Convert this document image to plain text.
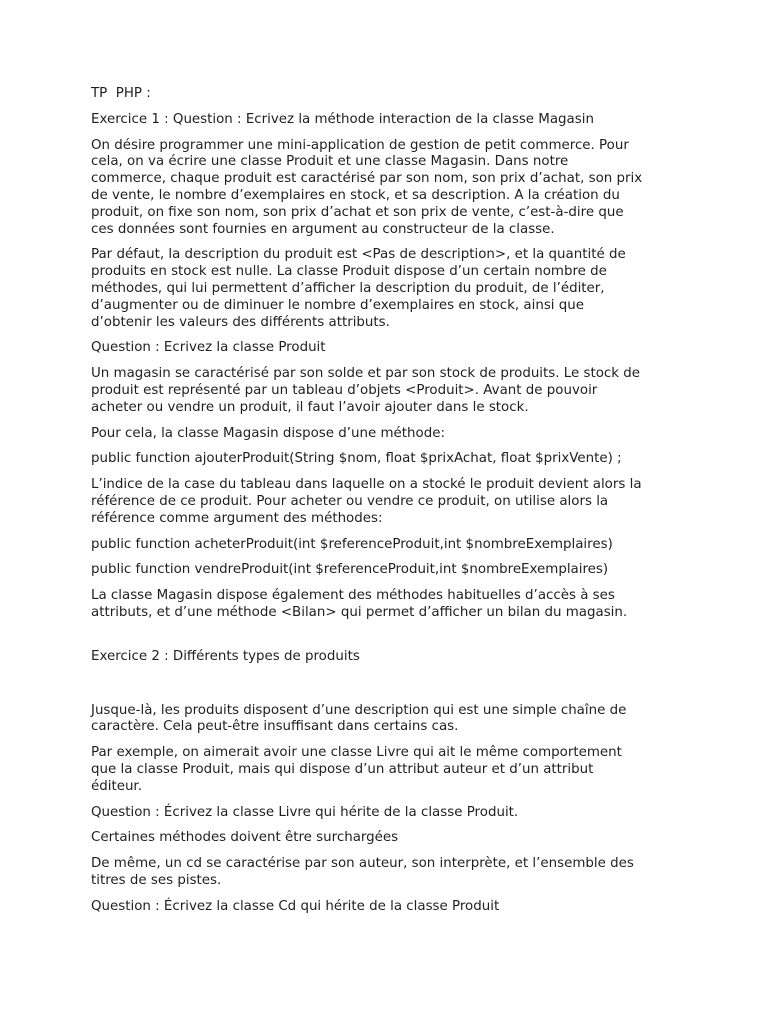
TP  PHP :

Exercice 1 : Question : Ecrivez la méthode interaction de la classe Magasin

On désire programmer une mini-application de gestion de petit commerce. Pour
cela, on va écrire une classe Produit et une classe Magasin. Dans notre
commerce, chaque produit est caractérisé par son nom, son prix d’achat, son prix
de vente, le nombre d’exemplaires en stock, et sa description. A la création du
produit, on fixe son nom, son prix d’achat et son prix de vente, c’est-à-dire que
ces données sont fournies en argument au constructeur de la classe.

Par défaut, la description du produit est <Pas de description>, et la quantité de
produits en stock est nulle. La classe Produit dispose d’un certain nombre de
méthodes, qui lui permettent d’afficher la description du produit, de l’éditer,
d’augmenter ou de diminuer le nombre d’exemplaires en stock, ainsi que
d’obtenir les valeurs des différents attributs.

Question : Ecrivez la classe Produit

Un magasin se caractérisé par son solde et par son stock de produits. Le stock de
produit est représenté par un tableau d’objets <Produit>. Avant de pouvoir
acheter ou vendre un produit, il faut l’avoir ajouter dans le stock.

Pour cela, la classe Magasin dispose d’une méthode:

public function ajouterProduit(String $nom, float $prixAchat, float $prixVente) ;

L’indice de la case du tableau dans laquelle on a stocké le produit devient alors la
référence de ce produit. Pour acheter ou vendre ce produit, on utilise alors la
référence comme argument des méthodes:

public function acheterProduit(int $referenceProduit,int $nombreExemplaires)

public function vendreProduit(int $referenceProduit,int $nombreExemplaires)

La classe Magasin dispose également des méthodes habituelles d’accès à ses
attributs, et d’une méthode <Bilan> qui permet d’afficher un bilan du magasin.

Exercice 2 : Différents types de produits

Jusque-là, les produits disposent d’une description qui est une simple chaîne de
caractère. Cela peut-être insuffisant dans certains cas.

Par exemple, on aimerait avoir une classe Livre qui ait le même comportement
que la classe Produit, mais qui dispose d’un attribut auteur et d’un attribut
éditeur.

Question : Écrivez la classe Livre qui hérite de la classe Produit.

Certaines méthodes doivent être surchargées

De même, un cd se caractérise par son auteur, son interprète, et l’ensemble des
titres de ses pistes.

Question : Écrivez la classe Cd qui hérite de la classe Produit
